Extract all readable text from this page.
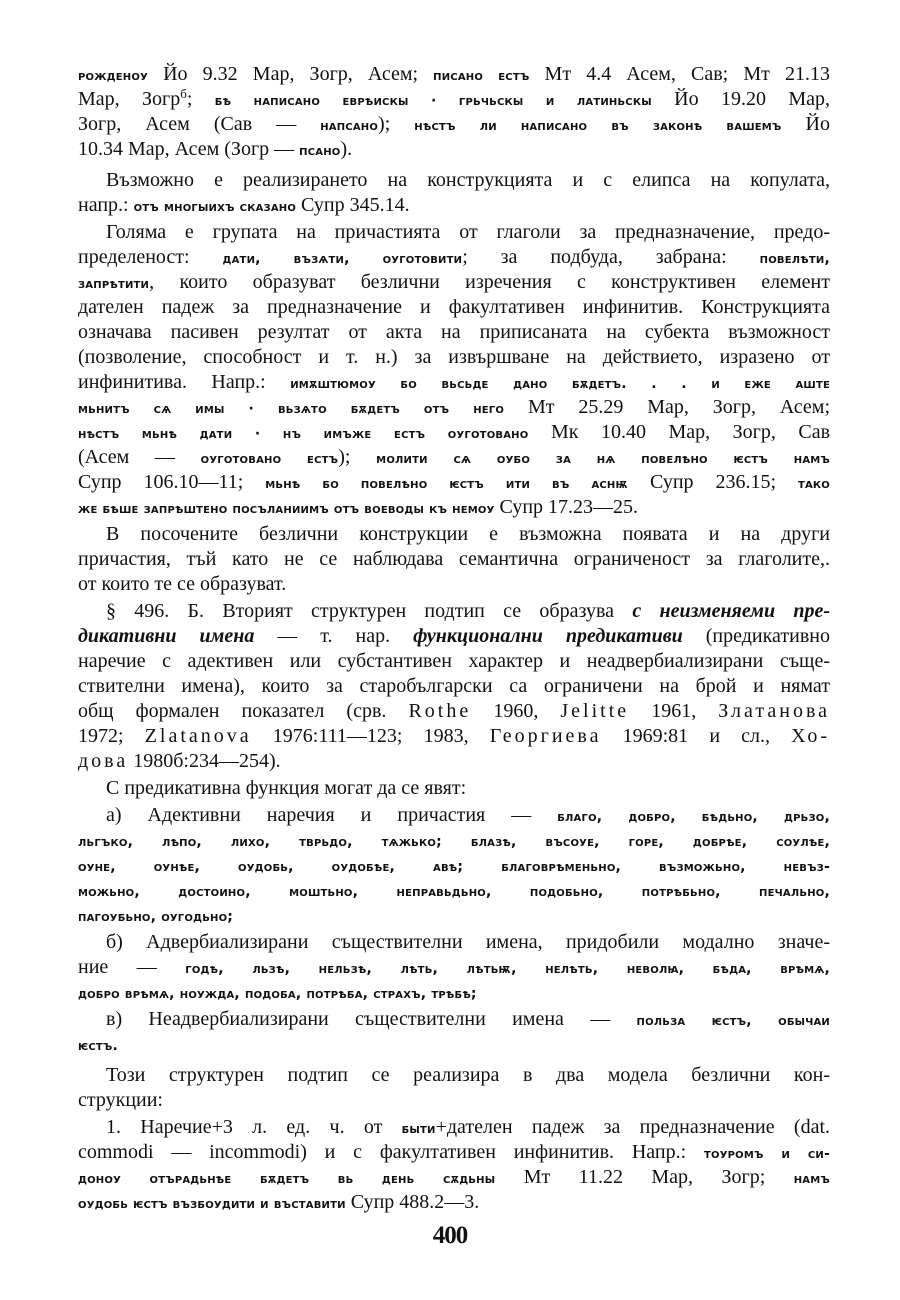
рожденоу Йо 9.32 Мар, Зогр, Асем; писано естъ Мт 4.4 Асем, Сав; Мт 21.13
Мар, Зогр$^б$; бѣ написано еврѣискы · грьчьскы и латиньскы Йо 19.20 Мар,
Зогр, Асем (Сав — напсано); нѣстъ ли написано въ законѣ вашемъ Йо
10.34 Мар, Асем (Зогр — псано).
Възможно е реализирането на конструкцията и с елипса на копулата,
напр.: отъ многыихъ сказано Супр 345.14.
Голяма е групата на причастията от глаголи за предназначение, предо-
пределеност: дати, възѧти, оуготовити; за подбуда, забрана: повелѣти,
запрѣтити, които образуват безлични изречения с конструктивен елемент
дателен падеж за предназначение и факултативен инфинитив. Конструкцията
означава пасивен резултат от акта на приписаната на субекта възможност
(позволение, способност и т. н.) за извършване на действието, изразено от
инфинитива. Напр.: имѫштюмоу бо вьсьде дано бѫдетъ. . . и еже аште
мьнитъ сѧ имы · вьзѧто бѫдетъ отъ него Мт 25.29 Мар, Зогр, Асем;
нѣстъ мьнѣ дати · нъ имъже естъ оуготовано Мк 10.40 Мар, Зогр, Сав
(Асем — оуготовано естъ); молити сѧ оубо за нѧ повелѣно ѥстъ намъ
Супр 106.10—11; мьнѣ бо повелѣно ѥстъ ити въ аснѭ Супр 236.15; тако
же бѣше запрѣштено посъланиимъ отъ воеводы къ немоу Супр 17.23—25.
В посочените безлични конструкции е възможна появата и на други
причастия, тъй като не се наблюдава семантична ограниченост за глаголите,.
от които те се образуват.
§ 496. Б. Вторият структурен подтип се образува с неизменяеми пре-
дикативни имена — т. нар. функционални предикативи (предикативно
наречие с адективен или субстантивен характер и неадвербиализирани съще-
ствителни имена), които за старобългарски са ограничени на брой и нямат
общ формален показател (срв. Rothe 1960, Jelitte 1961, Златанова
1972; Zlatanova 1976:111—123; 1983, Георгиева 1969:81 и сл., Хо-
дова 1980б:234—254).
С предикативна функция могат да се явят:
а) Адективни наречия и причастия — благо, добро, бѣдьно, дрьзо,
льгъко, лѣпо, лихо, тврьдо, тѧжько; блазѣ, въсоуе, горе, добрѣе, соулѣе,
оуне, оунѣе, оудобь, оудобѣе, авѣ; благоврѣменьно, възможьно, невъз-
можьно, достоино, моштьно, неправьдьно, подобьно, потрѣбьно, печально,
пагоубьно, оугодьно;
б) Адвербиализирани съществителни имена, придобили модално значе-
ние — годѣ, льзѣ, нельзѣ, лѣть, лѣтьѭ, нелѣть, неволꙗ, бѣда, врѣмѧ,
добро врѣмѧ, ноужда, подоба, потрѣба, страхъ, трѣбѣ;
в) Неадвербиализирани съществителни имена — польза ѥстъ, обычаи
ѥстъ.
Този структурен подтип се реализира в два модела безлични кон-
струкции:
1. Наречие+3 л. ед. ч. от быти+дателен падеж за предназначение (dat.
commodi — incommodi) и с факултативен инфинитив. Напр.: тоуромъ и си-
доноу отърадьнѣе бѫдетъ вь день сѫдьны Мт 11.22 Мар, Зогр; намъ
оудобь ѥстъ възбоудити и въставити Супр 488.2—3.
400
